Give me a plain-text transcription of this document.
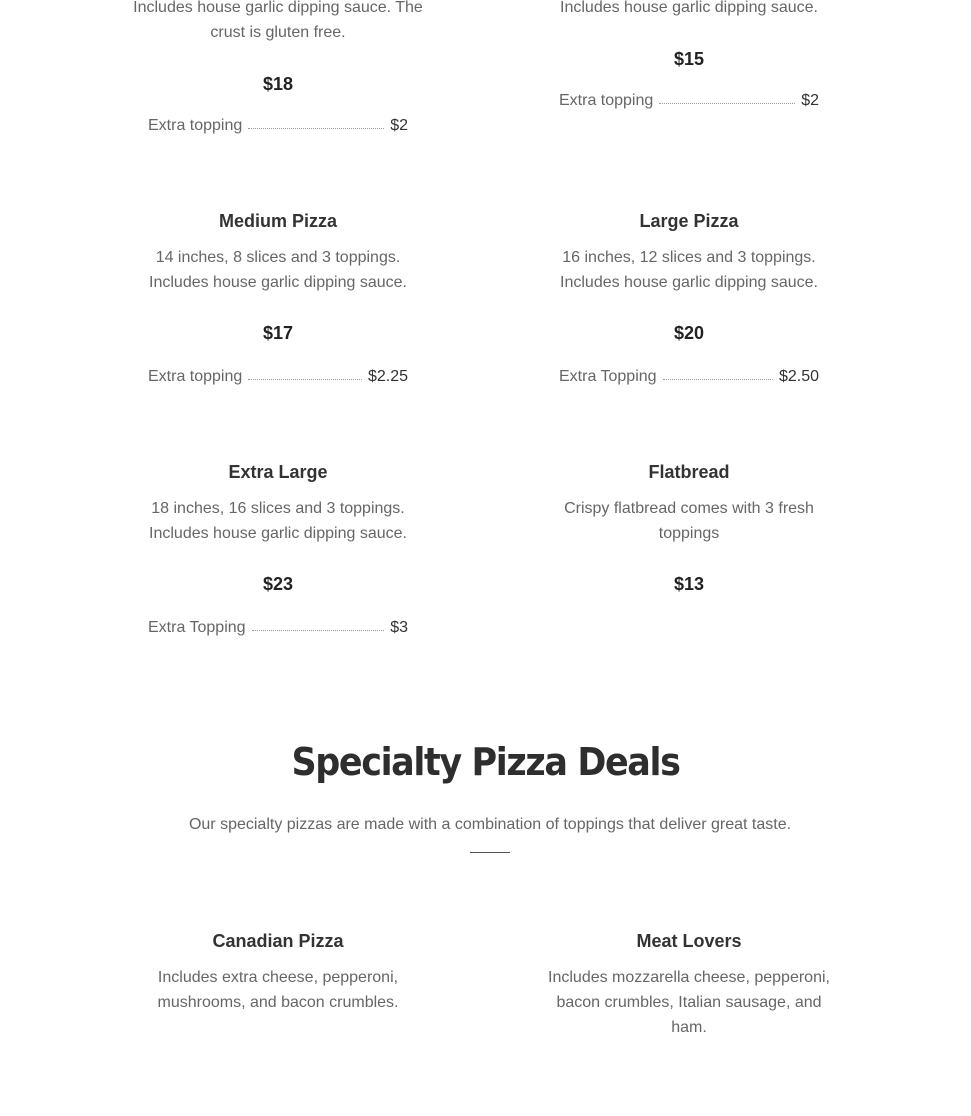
Includes house garlic dipping sauce. The crust is gluten free.

$18

Extra topping	$2

Includes house garlic dipping sauce.

$15

Extra topping	$2

Medium Pizza

14 inches, 8 slices and 3 toppings. Includes house garlic dipping sauce.

$17

Extra topping	$2.25

Large Pizza

16 inches, 12 slices and 3 toppings. Includes house garlic dipping sauce.

$20

Extra Topping	$2.50

Extra Large

18 inches, 16 slices and 3 toppings. Includes house garlic dipping sauce.

$23

Extra Topping	$3

Flatbread

Crispy flatbread comes with 3 fresh toppings

$13

Specialty Pizza Deals

Our specialty pizzas are made with a combination of toppings that deliver great taste.

Canadian Pizza

Includes extra cheese, pepperoni, mushrooms, and bacon crumbles.

Meat Lovers

Includes mozzarella cheese, pepperoni, bacon crumbles, Italian sausage, and ham.
